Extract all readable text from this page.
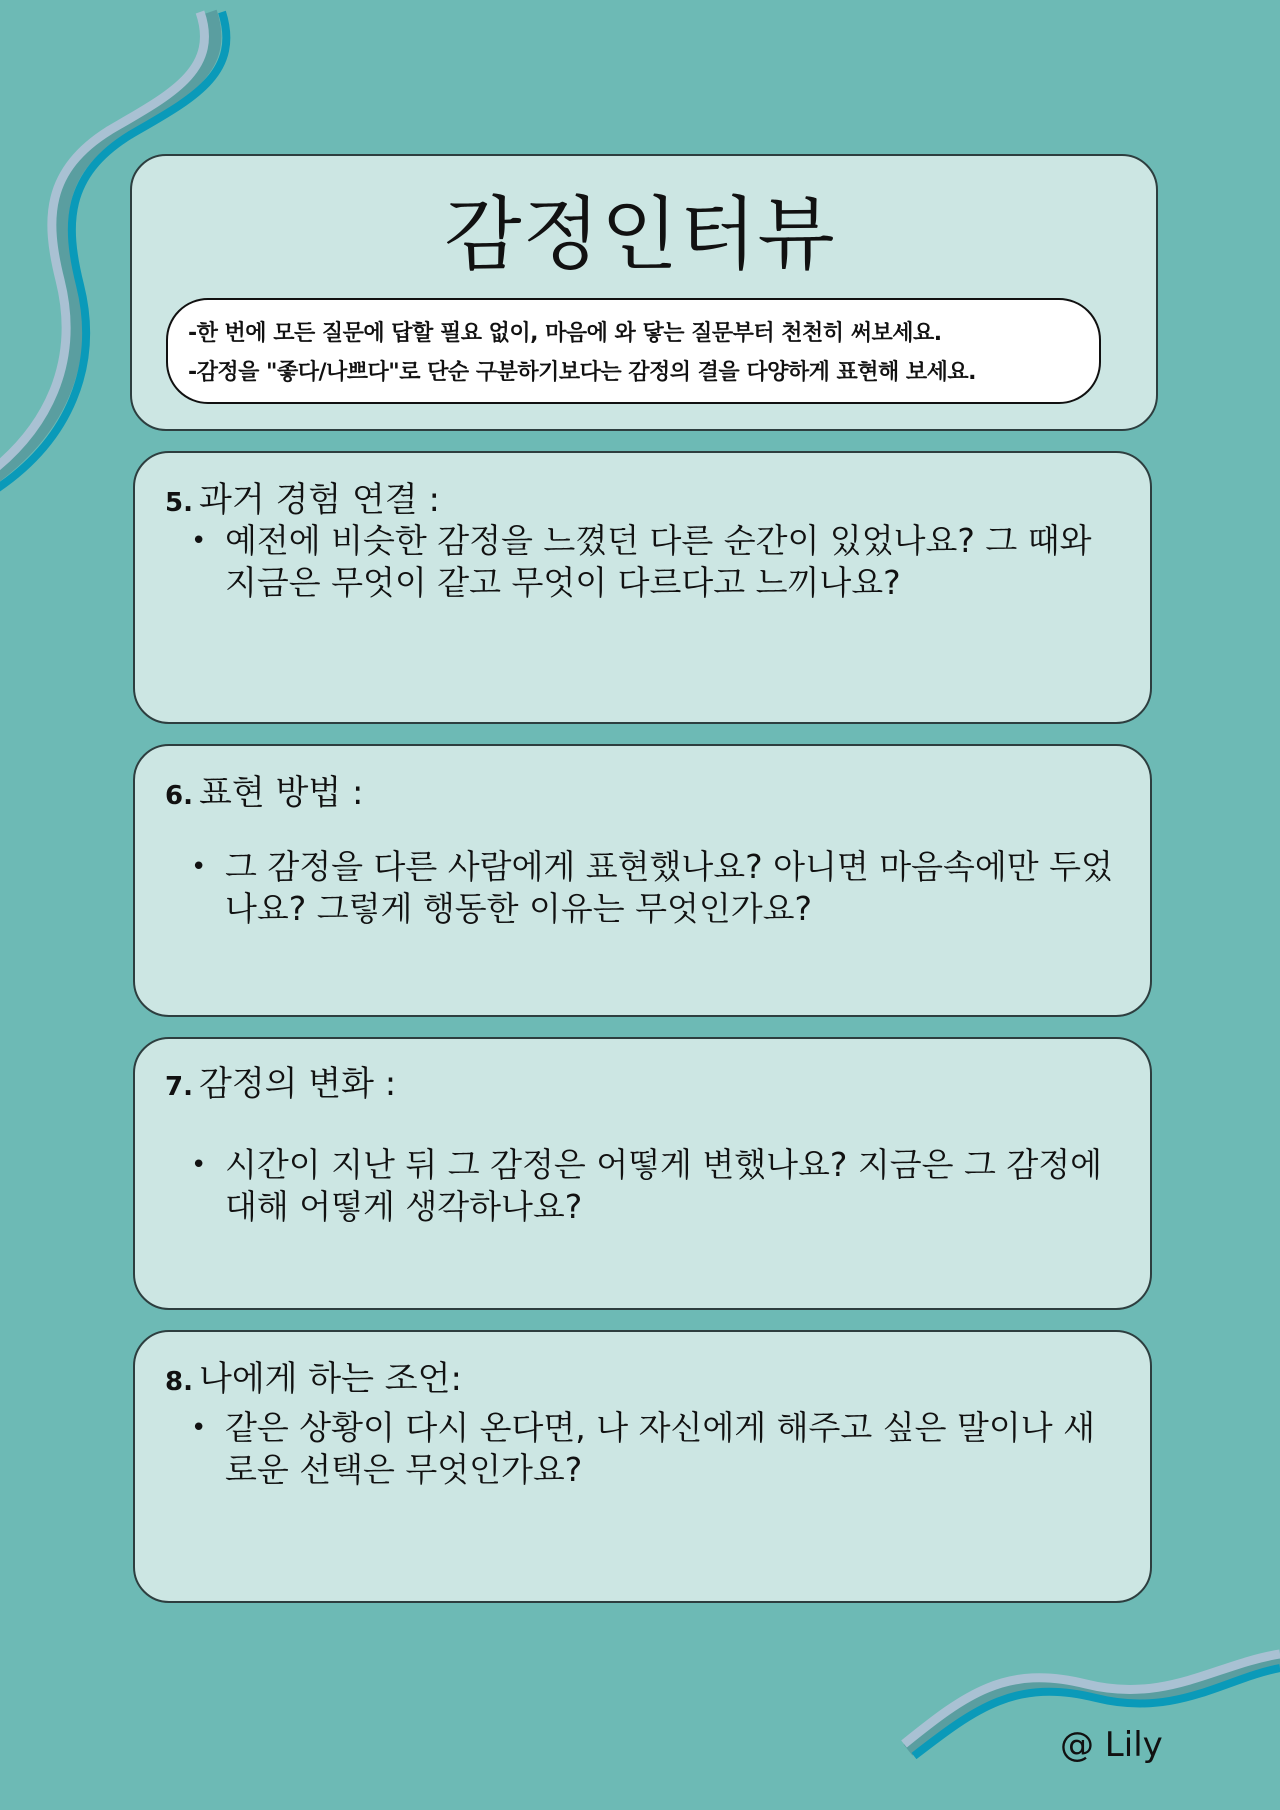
감정인터뷰
-한 번에 모든 질문에 답할 필요 없이, 마음에 와 닿는 질문부터 천천히 써보세요.
-감정을 "좋다/나쁘다"로 단순 구분하기보다는 감정의 결을 다양하게 표현해 보세요.
5. 과거 경험 연결 :
• 예전에 비슷한 감정을 느꼈던 다른 순간이 있었나요? 그 때와 지금은 무엇이 같고 무엇이 다르다고 느끼나요?
6. 표현 방법 :
• 그 감정을 다른 사람에게 표현했나요? 아니면 마음속에만 두었나요? 그렇게 행동한 이유는 무엇인가요?
7. 감정의 변화 :
• 시간이 지난 뒤 그 감정은 어떻게 변했나요? 지금은 그 감정에 대해 어떻게 생각하나요?
8. 나에게 하는 조언:
• 같은 상황이 다시 온다면, 나 자신에게 해주고 싶은 말이나 새로운 선택은 무엇인가요?
@ Lily
